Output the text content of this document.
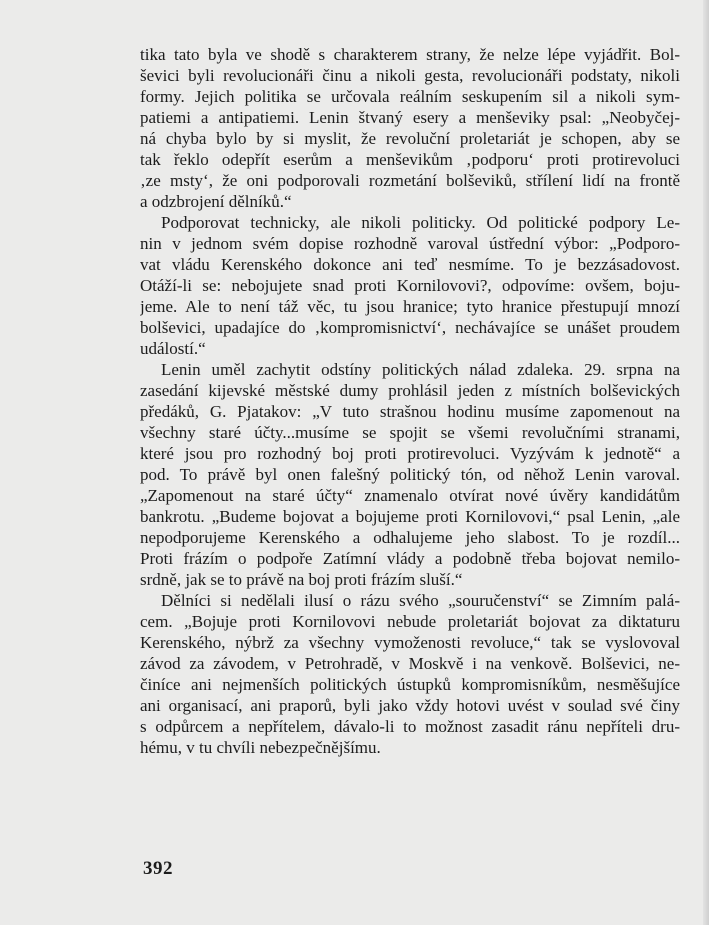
tika tato byla ve shodě s charakterem strany, že nelze lépe vyjádřit. Bol-
ševici byli revolucionáři činu a nikoli gesta, revolucionáři podstaty, nikoli
formy. Jejich politika se určovala reálním seskupením sil a nikoli sym-
patiemi a antipatiemi. Lenin štvaný esery a menševiky psal: „Neobyčej-
ná chyba bylo by si myslit, že revoluční proletariát je schopen, aby se
tak řeklo odepřít eserům a menševikům ‚podporu‘ proti protirevoluci
‚ze msty‘, že oni podporovali rozmetání bolševiků, střílení lidí na frontě
a odzbrojení dělníků.“
Podporovat technicky, ale nikoli politicky. Od politické podpory Le-
nin v jednom svém dopise rozhodně varoval ústřední výbor: „Podporo-
vat vládu Kerenského dokonce ani teď nesmíme. To je bezzásadovost.
Otáží-li se: nebojujete snad proti Kornilovovi?, odpovíme: ovšem, boju-
jeme. Ale to není táž věc, tu jsou hranice; tyto hranice přestupují mnozí
bolševici, upadajíce do ‚kompromisnictví‘, nechávajíce se unášet proudem
událostí.“
Lenin uměl zachytit odstíny politických nálad zdaleka. 29. srpna na
zasedání kijevské městské dumy prohlásil jeden z místních bolševických
předáků, G. Pjatakov: „V tuto strašnou hodinu musíme zapomenout na
všechny staré účty...musíme se spojit se všemi revolučními stranami,
které jsou pro rozhodný boj proti protirevoluci. Vyzývám k jednotě“ a
pod. To právě byl onen falešný politický tón, od něhož Lenin varoval.
„Zapomenout na staré účty“ znamenalo otvírat nové úvěry kandidátům
bankrotu. „Budeme bojovat a bojujeme proti Kornilovovi,“ psal Lenin, „ale
nepodporujeme Kerenského a odhalujeme jeho slabost. To je rozdíl...
Proti frázím o podpoře Zatímní vlády a podobně třeba bojovat nemilo-
srdně, jak se to právě na boj proti frázím sluší.“
Dělníci si nedělali ilusí o rázu svého „souručenství“ se Zimním palá-
cem. „Bojuje proti Kornilovovi nebude proletariát bojovat za diktaturu
Kerenského, nýbrž za všechny vymoženosti revoluce,“ tak se vyslovoval
závod za závodem, v Petrohradě, v Moskvě i na venkově. Bolševici, ne-
činíce ani nejmenších politických ústupků kompromisníkům, nesměšujíce
ani organisací, ani praporů, byli jako vždy hotovi uvést v soulad své činy
s odpůrcem a nepřítelem, dávalo-li to možnost zasadit ránu nepříteli dru-
hému, v tu chvíli nebezpečnějšímu.
392
